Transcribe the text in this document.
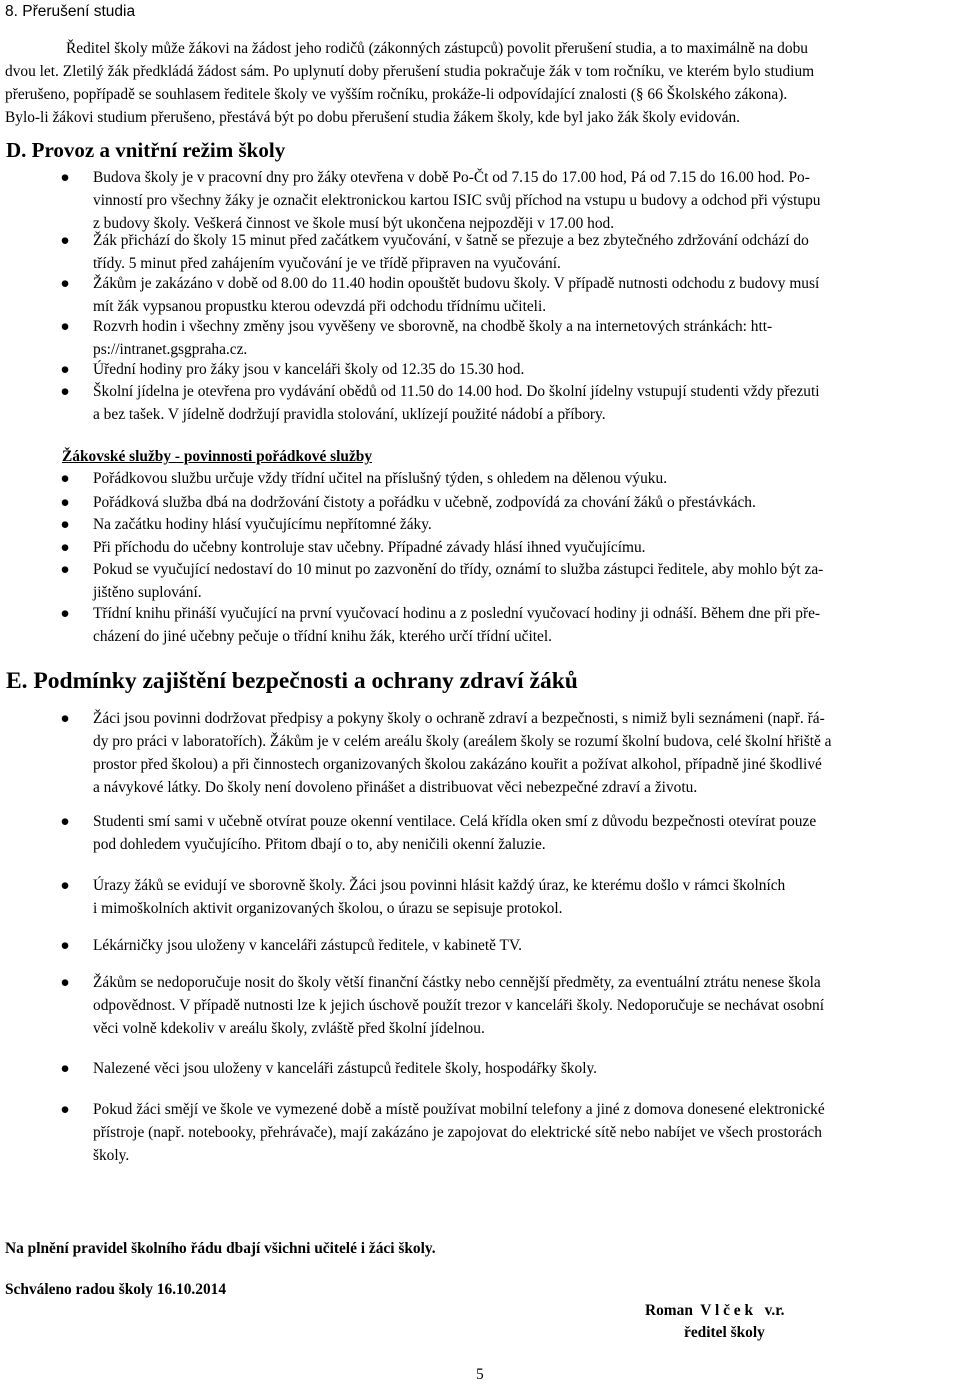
8. Přerušení studia
Ředitel školy může žákovi na žádost jeho rodičů (zákonných zástupců) povolit přerušení studia, a to maximálně na dobu
dvou let. Zletilý žák předkládá žádost sám. Po uplynutí doby přerušení studia pokračuje žák v tom ročníku, ve kterém bylo studium
přerušeno, popřípadě se souhlasem ředitele školy ve vyšším ročníku, prokáže-li odpovídající znalosti (§ 66 Školského zákona).
Bylo-li žákovi studium přerušeno, přestává být po dobu přerušení studia žákem školy, kde byl jako žák školy evidován.
D. Provoz a vnitřní režim školy
● Budova školy je v pracovní dny pro žáky otevřena v době Po-Čt od 7.15 do 17.00 hod, Pá od 7.15 do 16.00 hod. Po-
vinností pro všechny žáky je označit elektronickou kartou ISIC svůj příchod na vstupu u budovy a odchod při výstupu
z budovy školy. Veškerá činnost ve škole musí být ukončena nejpozději v 17.00 hod.
● Žák přichází do školy 15 minut před začátkem vyučování, v šatně se přezuje a bez zbytečného zdržování odchází do
třídy. 5 minut před zahájením vyučování je ve třídě připraven na vyučování.
● Žákům je zakázáno v době od 8.00 do 11.40 hodin opouštět budovu školy. V případě nutnosti odchodu z budovy musí
mít žák vypsanou propustku kterou odevzdá při odchodu třídnímu učiteli.
● Rozvrh hodin i všechny změny jsou vyvěšeny ve sborovně, na chodbě školy a na internetových stránkách: htt-
ps://intranet.gsgpraha.cz.
● Úřední hodiny pro žáky jsou v kanceláři školy od 12.35 do 15.30 hod.
● Školní jídelna je otevřena pro vydávání obědů od 11.50 do 14.00 hod. Do školní jídelny vstupují studenti vždy přezuti
a bez tašek. V jídelně dodržují pravidla stolování, uklízejí použité nádobí a příbory.
Žákovské služby - povinnosti pořádkové služby
● Pořádkovou službu určuje vždy třídní učitel na příslušný týden, s ohledem na dělenou výuku.
● Pořádková služba dbá na dodržování čistoty a pořádku v učebně, zodpovídá za chování žáků o přestávkách.
● Na začátku hodiny hlásí vyučujícímu nepřítomné žáky.
● Při příchodu do učebny kontroluje stav učebny. Případné závady hlásí ihned vyučujícímu.
● Pokud se vyučující nedostaví do 10 minut po zazvonění do třídy, oznámí to služba zástupci ředitele, aby mohlo být za-
jištěno suplování.
● Třídní knihu přináší vyučující na první vyučovací hodinu a z poslední vyučovací hodiny ji odnáší. Během dne při pře-
cházení do jiné učebny pečuje o třídní knihu žák, kterého určí třídní učitel.
E. Podmínky zajištění bezpečnosti a ochrany zdraví žáků
● Žáci jsou povinni dodržovat předpisy a pokyny školy o ochraně zdraví a bezpečnosti, s nimiž byli seznámeni (např. řá-
dy pro práci v laboratořích). Žákům je v celém areálu školy (areálem školy se rozumí školní budova, celé školní hřiště a
prostor před školou) a při činnostech organizovaných školou zakázáno kouřit a požívat alkohol, případně jiné škodlivé
a návykové látky. Do školy není dovoleno přinášet a distribuovat věci nebezpečné zdraví a životu.
● Studenti smí sami v učebně otvírat pouze okenní ventilace. Celá křídla oken smí z důvodu bezpečnosti otevírat pouze
pod dohledem vyučujícího. Přitom dbají o to, aby neničili okenní žaluzie.
● Úrazy žáků se evidují ve sborovně školy. Žáci jsou povinni hlásit každý úraz, ke kterému došlo v rámci školních
i mimoškolních aktivit organizovaných školou, o úrazu se sepisuje protokol.
● Lékárničky jsou uloženy v kanceláři zástupců ředitele, v kabinetě TV.
● Žákům se nedoporučuje nosit do školy větší finanční částky nebo cennější předměty, za eventuální ztrátu nenese škola
odpovědnost. V případě nutnosti lze k jejich úschově použít trezor v kanceláři školy. Nedoporučuje se nechávat osobní
věci volně kdekoliv v areálu školy, zvláště před školní jídelnou.
● Nalezené věci jsou uloženy v kanceláři zástupců ředitele školy, hospodářky školy.
● Pokud žáci smějí ve škole ve vymezené době a místě používat mobilní telefony a jiné z domova donesené elektronické
přístroje (např. notebooky, přehrávače), mají zakázáno je zapojovat do elektrické sítě nebo nabíjet ve všech prostorách
školy.
Na plnění pravidel školního řádu dbají všichni učitelé i žáci školy.
Schváleno radou školy 16.10.2014
Roman  V l č e k   v.r.
ředitel školy
5
